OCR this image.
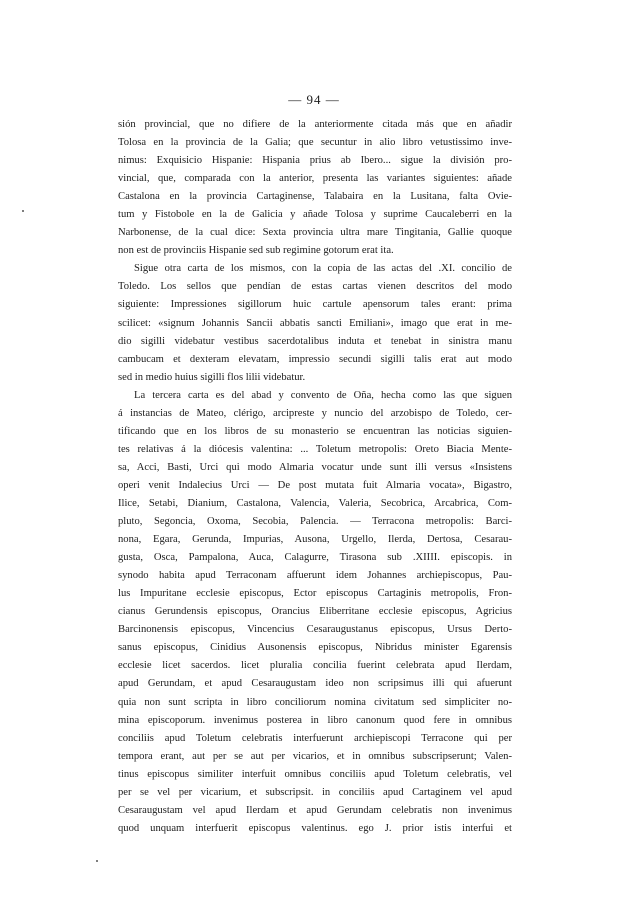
— 94 —
sión provincial, que no difiere de la anteriormente citada más que en añadir
Tolosa en la provincia de la Galia; que secuntur in alio libro vetustissimo inve-
nimus: Exquisicio Hispanie: Hispania prius ab Ibero... sigue la división pro-
vincial, que, comparada con la anterior, presenta las variantes siguientes: añade
Castalona en la provincia Cartaginense, Talabaira en la Lusitana, falta Ovie-
tum y Fistobole en la de Galicia y añade Tolosa y suprime Caucaleberri en la
Narbonense, de la cual dice: Sexta provincia ultra mare Tingitania, Gallie quoque
non est de provinciis Hispanie sed sub regimine gotorum erat ita.
Sigue otra carta de los mismos, con la copia de las actas del .XI. concilio de
Toledo. Los sellos que pendían de estas cartas vienen descritos del modo
siguiente: Impressiones sigillorum huic cartule apensorum tales erant: prima
scilicet: «signum Johannis Sancii abbatis sancti Emiliani», imago que erat in me-
dio sigilli videbatur vestibus sacerdotalibus induta et tenebat in sinistra manu
cambucam et dexteram elevatam, impressio secundi sigilli talis erat aut modo
sed in medio huius sigilli flos lilii videbatur.
La tercera carta es del abad y convento de Oña, hecha como las que siguen
á instancias de Mateo, clérigo, arcipreste y nuncio del arzobispo de Toledo, cer-
tificando que en los libros de su monasterio se encuentran las noticias siguien-
tes relativas á la diócesis valentina: ... Toletum metropolis: Oreto Biacia Mente-
sa, Acci, Basti, Urci qui modo Almaria vocatur unde sunt illi versus «Insistens
operi venit Indalecius Urci — De post mutata fuit Almaria vocata», Bigastro,
Ilice, Setabi, Dianium, Castalona, Valencia, Valeria, Secobrica, Arcabrica, Com-
pluto, Segoncia, Oxoma, Secobia, Palencia. — Terracona metropolis: Barci-
nona, Egara, Gerunda, Impurias, Ausona, Urgello, Ilerda, Dertosa, Cesarau-
gusta, Osca, Pampalona, Auca, Calagurre, Tirasona sub .XIIII. episcopis. in
synodo habita apud Terraconam affuerunt idem Johannes archiepiscopus, Pau-
lus Impuritane ecclesie episcopus, Ector episcopus Cartaginis metropolis, Fron-
cianus Gerundensis episcopus, Orancius Eliberritane ecclesie episcopus, Agricius
Barcinonensis episcopus, Vincencius Cesaraugustanus episcopus, Ursus Derto-
sanus episcopus, Cinidius Ausonensis episcopus, Nibridus minister Egarensis
ecclesie licet sacerdos. licet pluralia concilia fuerint celebrata apud Ilerdam,
apud Gerundam, et apud Cesaraugustam ideo non scripsimus illi qui afuerunt
quia non sunt scripta in libro conciliorum nomina civitatum sed simpliciter no-
mina episcoporum. invenimus posterea in libro canonum quod fere in omnibus
conciliis apud Toletum celebratis interfuerunt archiepiscopi Terracone qui per
tempora erant, aut per se aut per vicarios, et in omnibus subscripserunt; Valen-
tinus episcopus similiter interfuit omnibus conciliis apud Toletum celebratis, vel
per se vel per vicarium, et subscripsit. in conciliis apud Cartaginem vel apud
Cesaraugustam vel apud Ilerdam et apud Gerundam celebratis non invenimus
quod unquam interfuerit episcopus valentinus. ego J. prior istis interfui et
